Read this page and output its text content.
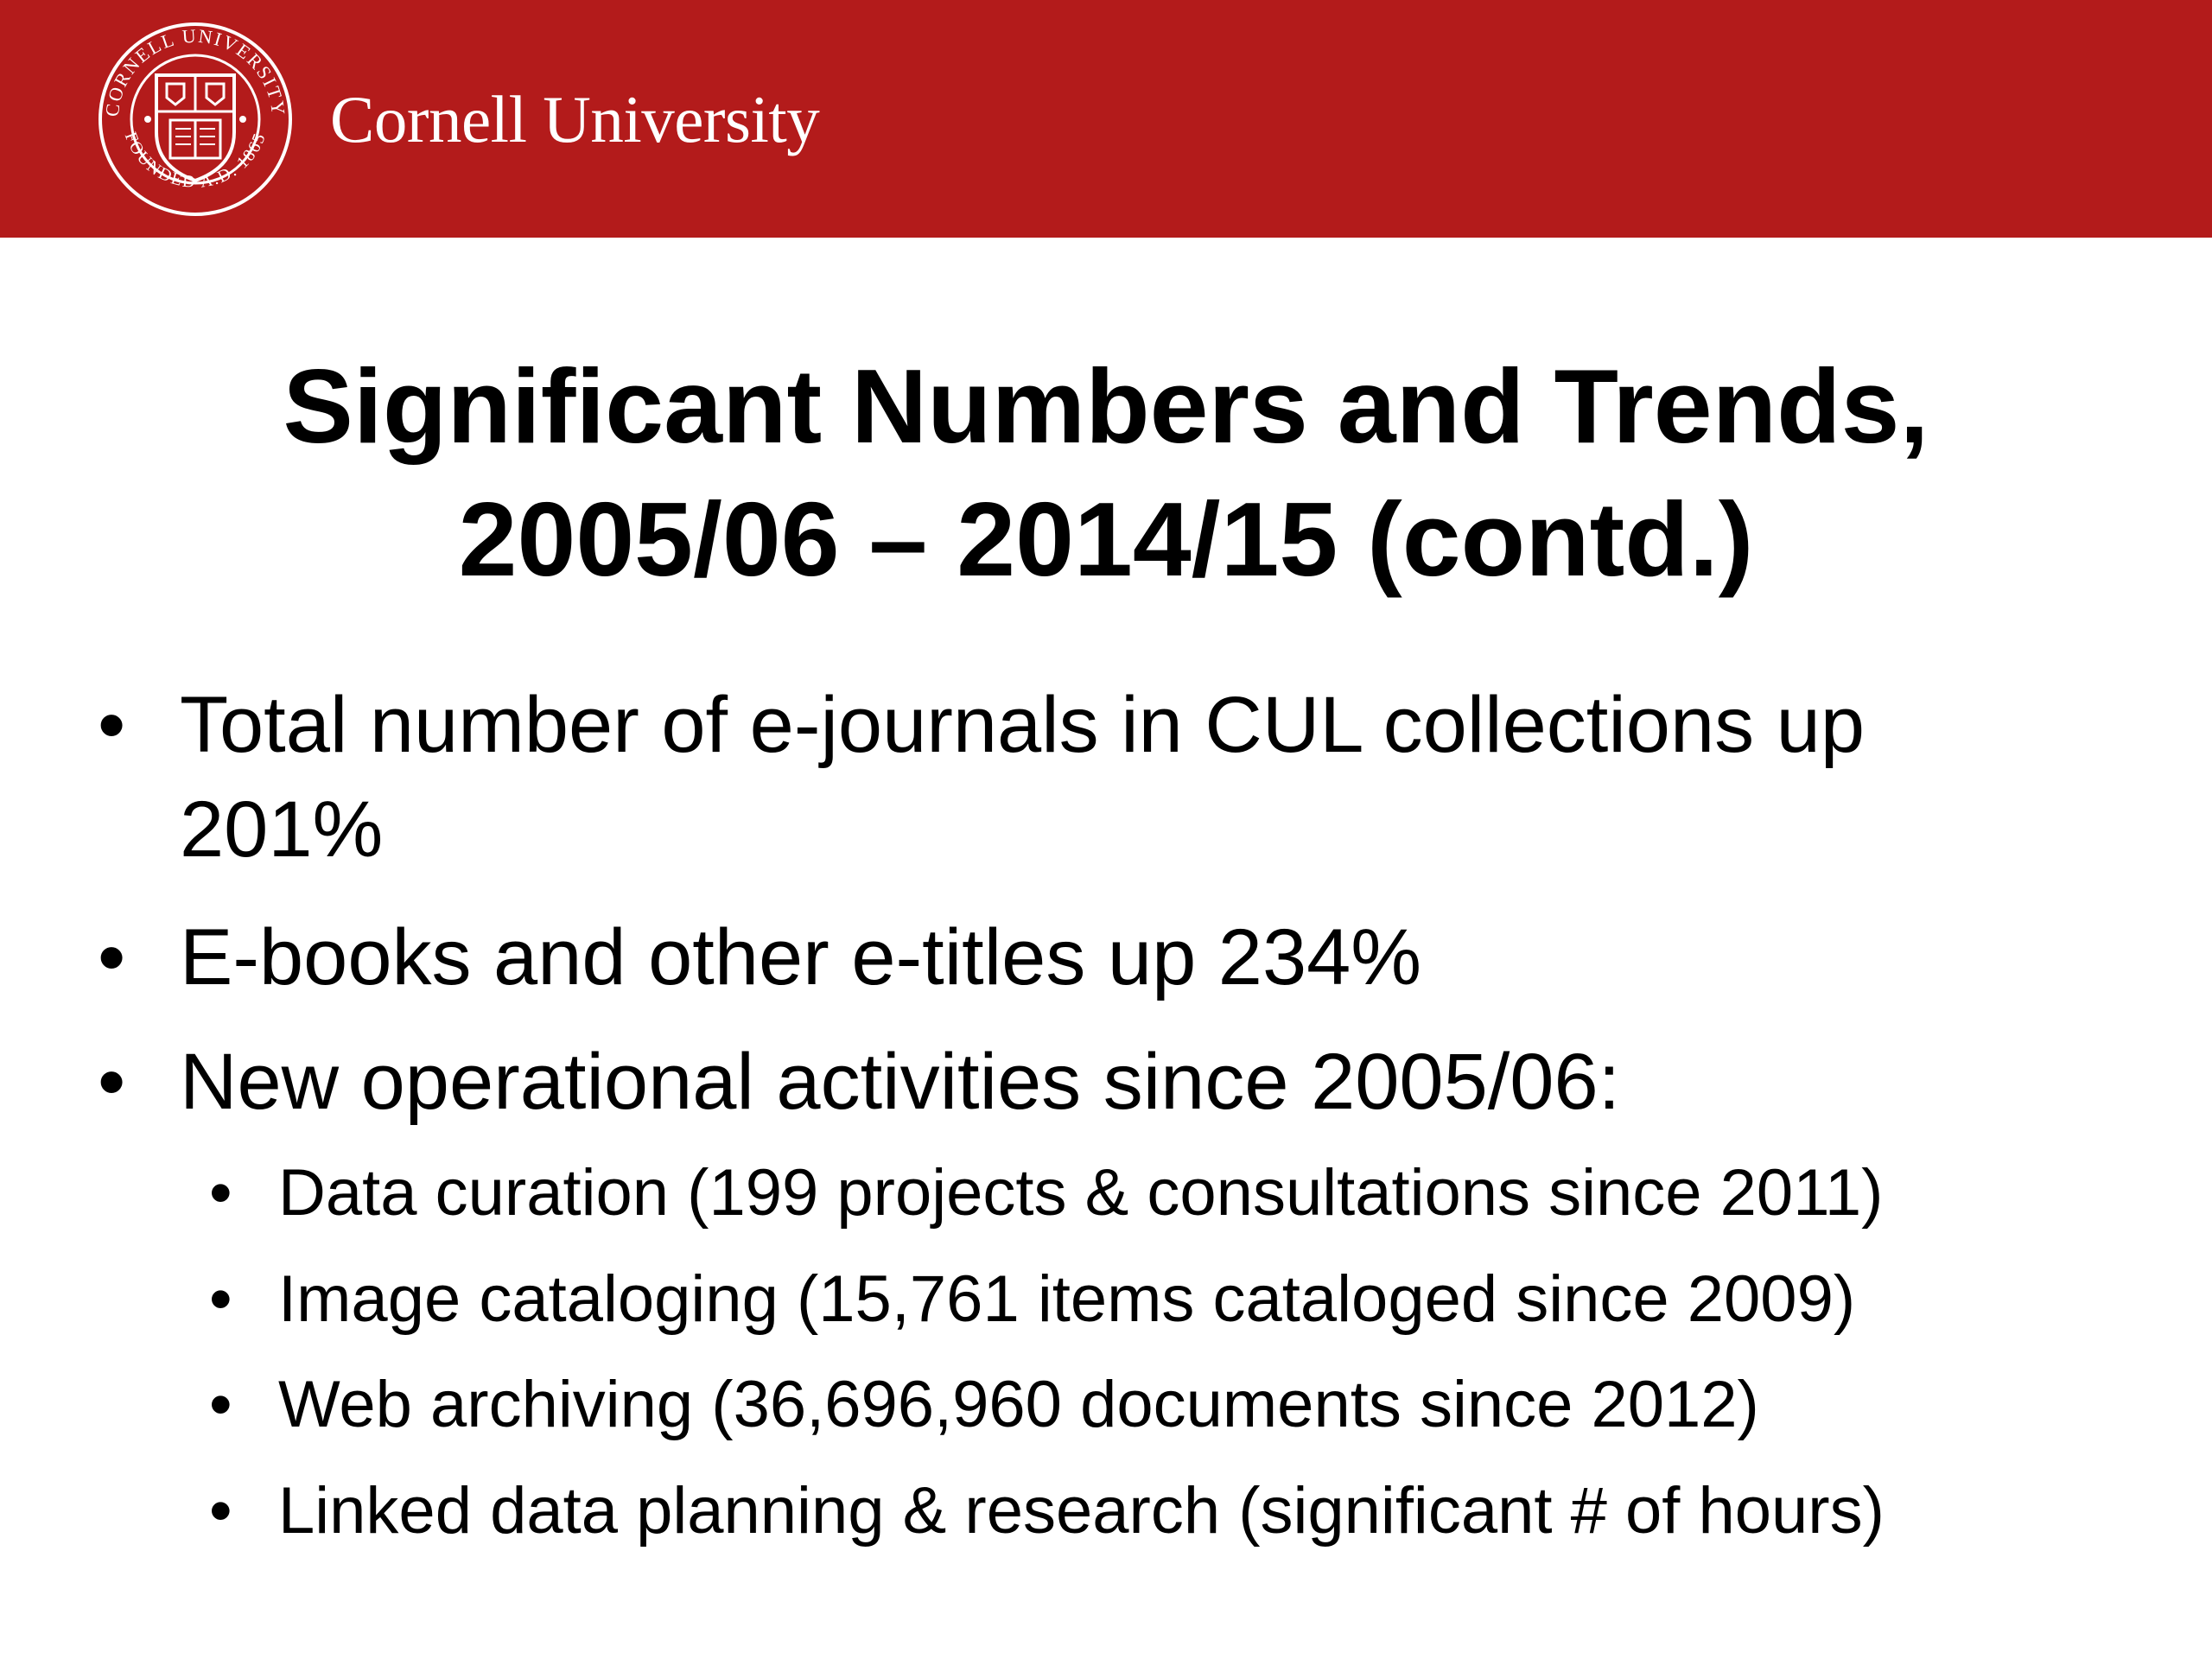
CORNELL UNIVERSITY
FOUNDED A.D. 1865 Cornell University
Significant Numbers and Trends,
2005/06 – 2014/15 (contd.)
• Total number of e-journals in CUL collections up
201%
• E-books and other e-titles up 234%
• New operational activities since 2005/06:
• Data curation (199 projects & consultations since 2011)
• Image cataloging (15,761 items cataloged since 2009)
• Web archiving (36,696,960 documents since 2012)
• Linked data planning & research (significant # of hours)
